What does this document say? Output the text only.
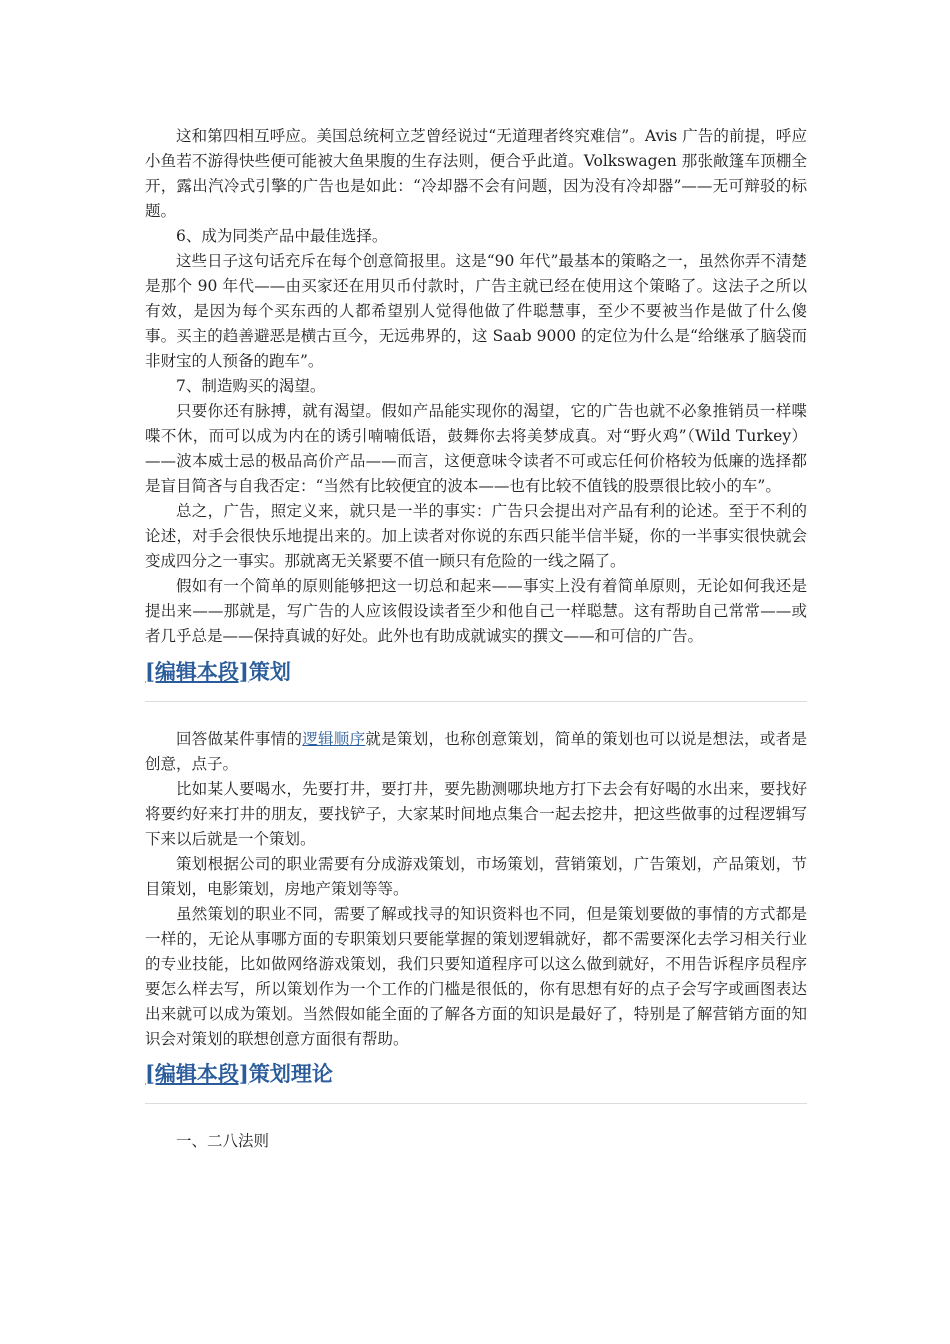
这和第四相互呼应。美国总统柯立芝曾经说过“无道理者终究难信”。Avis 广告的前提，呼应小鱼若不游得快些便可能被大鱼果腹的生存法则，便合乎此道。Volkswagen 那张敞篷车顶棚全开，露出汽冷式引擎的广告也是如此：“冷却器不会有问题，因为没有冷却器”——无可辩驳的标题。

6、成为同类产品中最佳选择。

这些日子这句话充斥在每个创意简报里。这是“90 年代”最基本的策略之一，虽然你弄不清楚是那个 90 年代——由买家还在用贝币付款时，广告主就已经在使用这个策略了。这法子之所以有效，是因为每个买东西的人都希望别人觉得他做了件聪慧事，至少不要被当作是做了什么傻事。买主的趋善避恶是横古亘今，无远弗界的，这 Saab 9000 的定位为什么是“给继承了脑袋而非财宝的人预备的跑车”。

7、制造购买的渴望。

只要你还有脉搏，就有渴望。假如产品能实现你的渴望，它的广告也就不必象推销员一样喋喋不休，而可以成为内在的诱引喃喃低语，鼓舞你去将美梦成真。对“野火鸡”（Wild Turkey）——波本威士忌的极品高价产品——而言，这便意味令读者不可或忘任何价格较为低廉的选择都是盲目简吝与自我否定：“当然有比较便宜的波本——也有比较不值钱的股票很比较小的车”。

总之，广告，照定义来，就只是一半的事实：广告只会提出对产品有利的论述。至于不利的论述，对手会很快乐地提出来的。加上读者对你说的东西只能半信半疑，你的一半事实很快就会变成四分之一事实。那就离无关紧要不值一顾只有危险的一线之隔了。

假如有一个简单的原则能够把这一切总和起来——事实上没有着简单原则，无论如何我还是提出来——那就是，写广告的人应该假设读者至少和他自己一样聪慧。这有帮助自己常常——或者几乎总是——保持真诚的好处。此外也有助成就诚实的撰文——和可信的广告。

[编辑本段]策划

回答做某件事情的逻辑顺序就是策划，也称创意策划，简单的策划也可以说是想法，或者是创意，点子。

比如某人要喝水，先要打井，要打井，要先勘测哪块地方打下去会有好喝的水出来，要找好将要约好来打井的朋友，要找铲子，大家某时间地点集合一起去挖井，把这些做事的过程逻辑写下来以后就是一个策划。

策划根据公司的职业需要有分成游戏策划，市场策划，营销策划，广告策划，产品策划，节目策划，电影策划，房地产策划等等。

虽然策划的职业不同，需要了解或找寻的知识资料也不同，但是策划要做的事情的方式都是一样的，无论从事哪方面的专职策划只要能掌握的策划逻辑就好，都不需要深化去学习相关行业的专业技能，比如做网络游戏策划，我们只要知道程序可以这么做到就好，不用告诉程序员程序要怎么样去写，所以策划作为一个工作的门槛是很低的，你有思想有好的点子会写字或画图表达出来就可以成为策划。当然假如能全面的了解各方面的知识是最好了，特别是了解营销方面的知识会对策划的联想创意方面很有帮助。

[编辑本段]策划理论

一、二八法则
